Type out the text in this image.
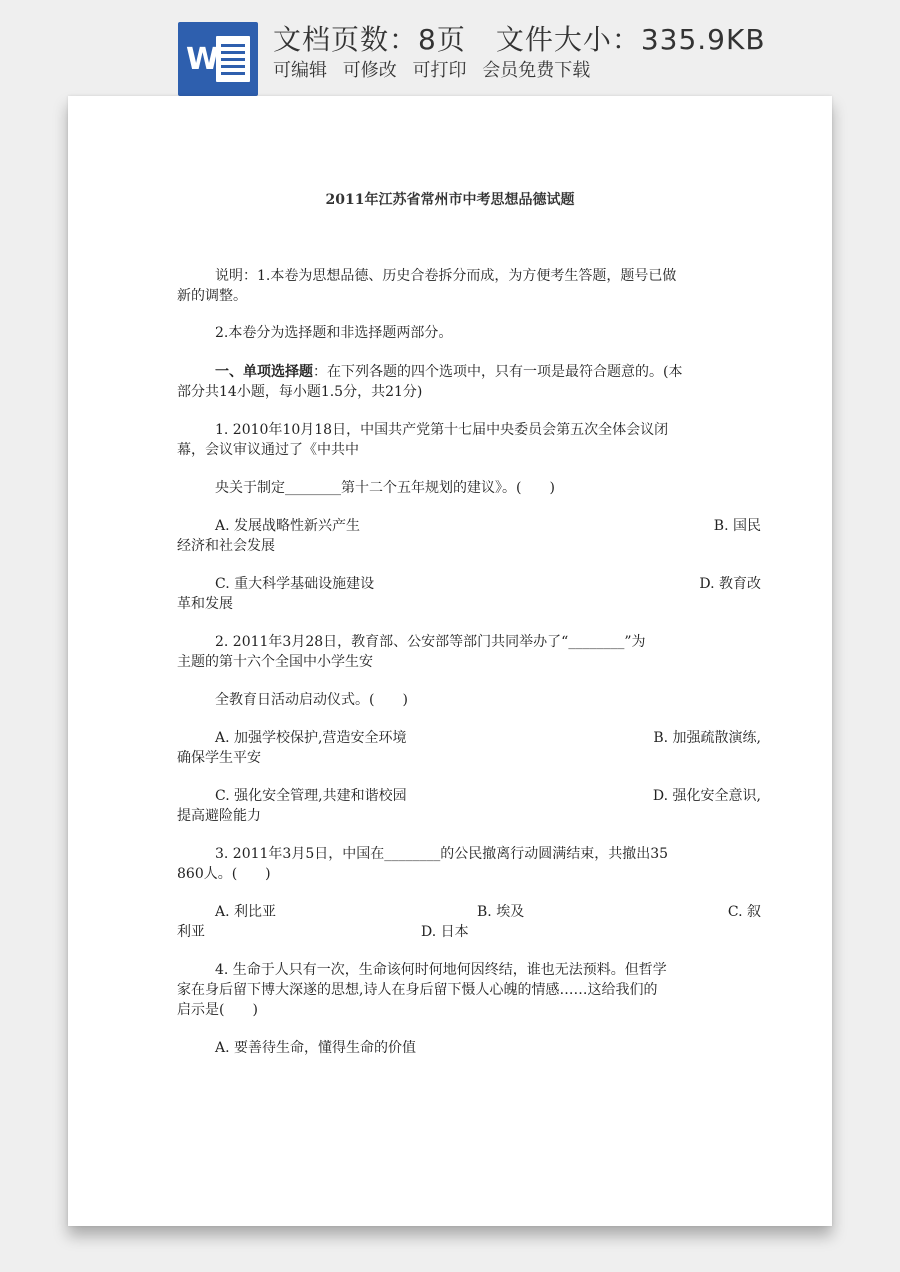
W
文档页数：8页 文件大小：335.9KB
可编辑 可修改 可打印 会员免费下载

2011年江苏省常州市中考思想品德试题

说明：1.本卷为思想品德、历史合卷拆分而成，为方便考生答题，题号已做

新的调整。

2.本卷分为选择题和非选择题两部分。

一、单项选择题：在下列各题的四个选项中，只有一项是最符合题意的。(本

部分共14小题，每小题1.5分，共21分)

1. 2010年10月18日，中国共产党第十七届中央委员会第五次全体会议闭

幕，会议审议通过了《中共中

央关于制定________第十二个五年规划的建议》。(　　)

A. 发展战略性新兴产生	B. 国民

经济和社会发展

C. 重大科学基础设施建设	D. 教育改

革和发展

2. 2011年3月28日，教育部、公安部等部门共同举办了“________”为

主题的第十六个全国中小学生安

全教育日活动启动仪式。(　　)

A. 加强学校保护,营造安全环境	B. 加强疏散演练,

确保学生平安

C. 强化安全管理,共建和谐校园	D. 强化安全意识,

提高避险能力

3. 2011年3月5日，中国在________的公民撤离行动圆满结束，共撤出35

860人。(　　)

A. 利比亚	B. 埃及	C. 叙

利亚	D. 日本

4. 生命于人只有一次，生命该何时何地何因终结，谁也无法预料。但哲学

家在身后留下博大深遂的思想,诗人在身后留下慑人心魄的情感……这给我们的

启示是(　　)

A. 要善待生命，懂得生命的价值
